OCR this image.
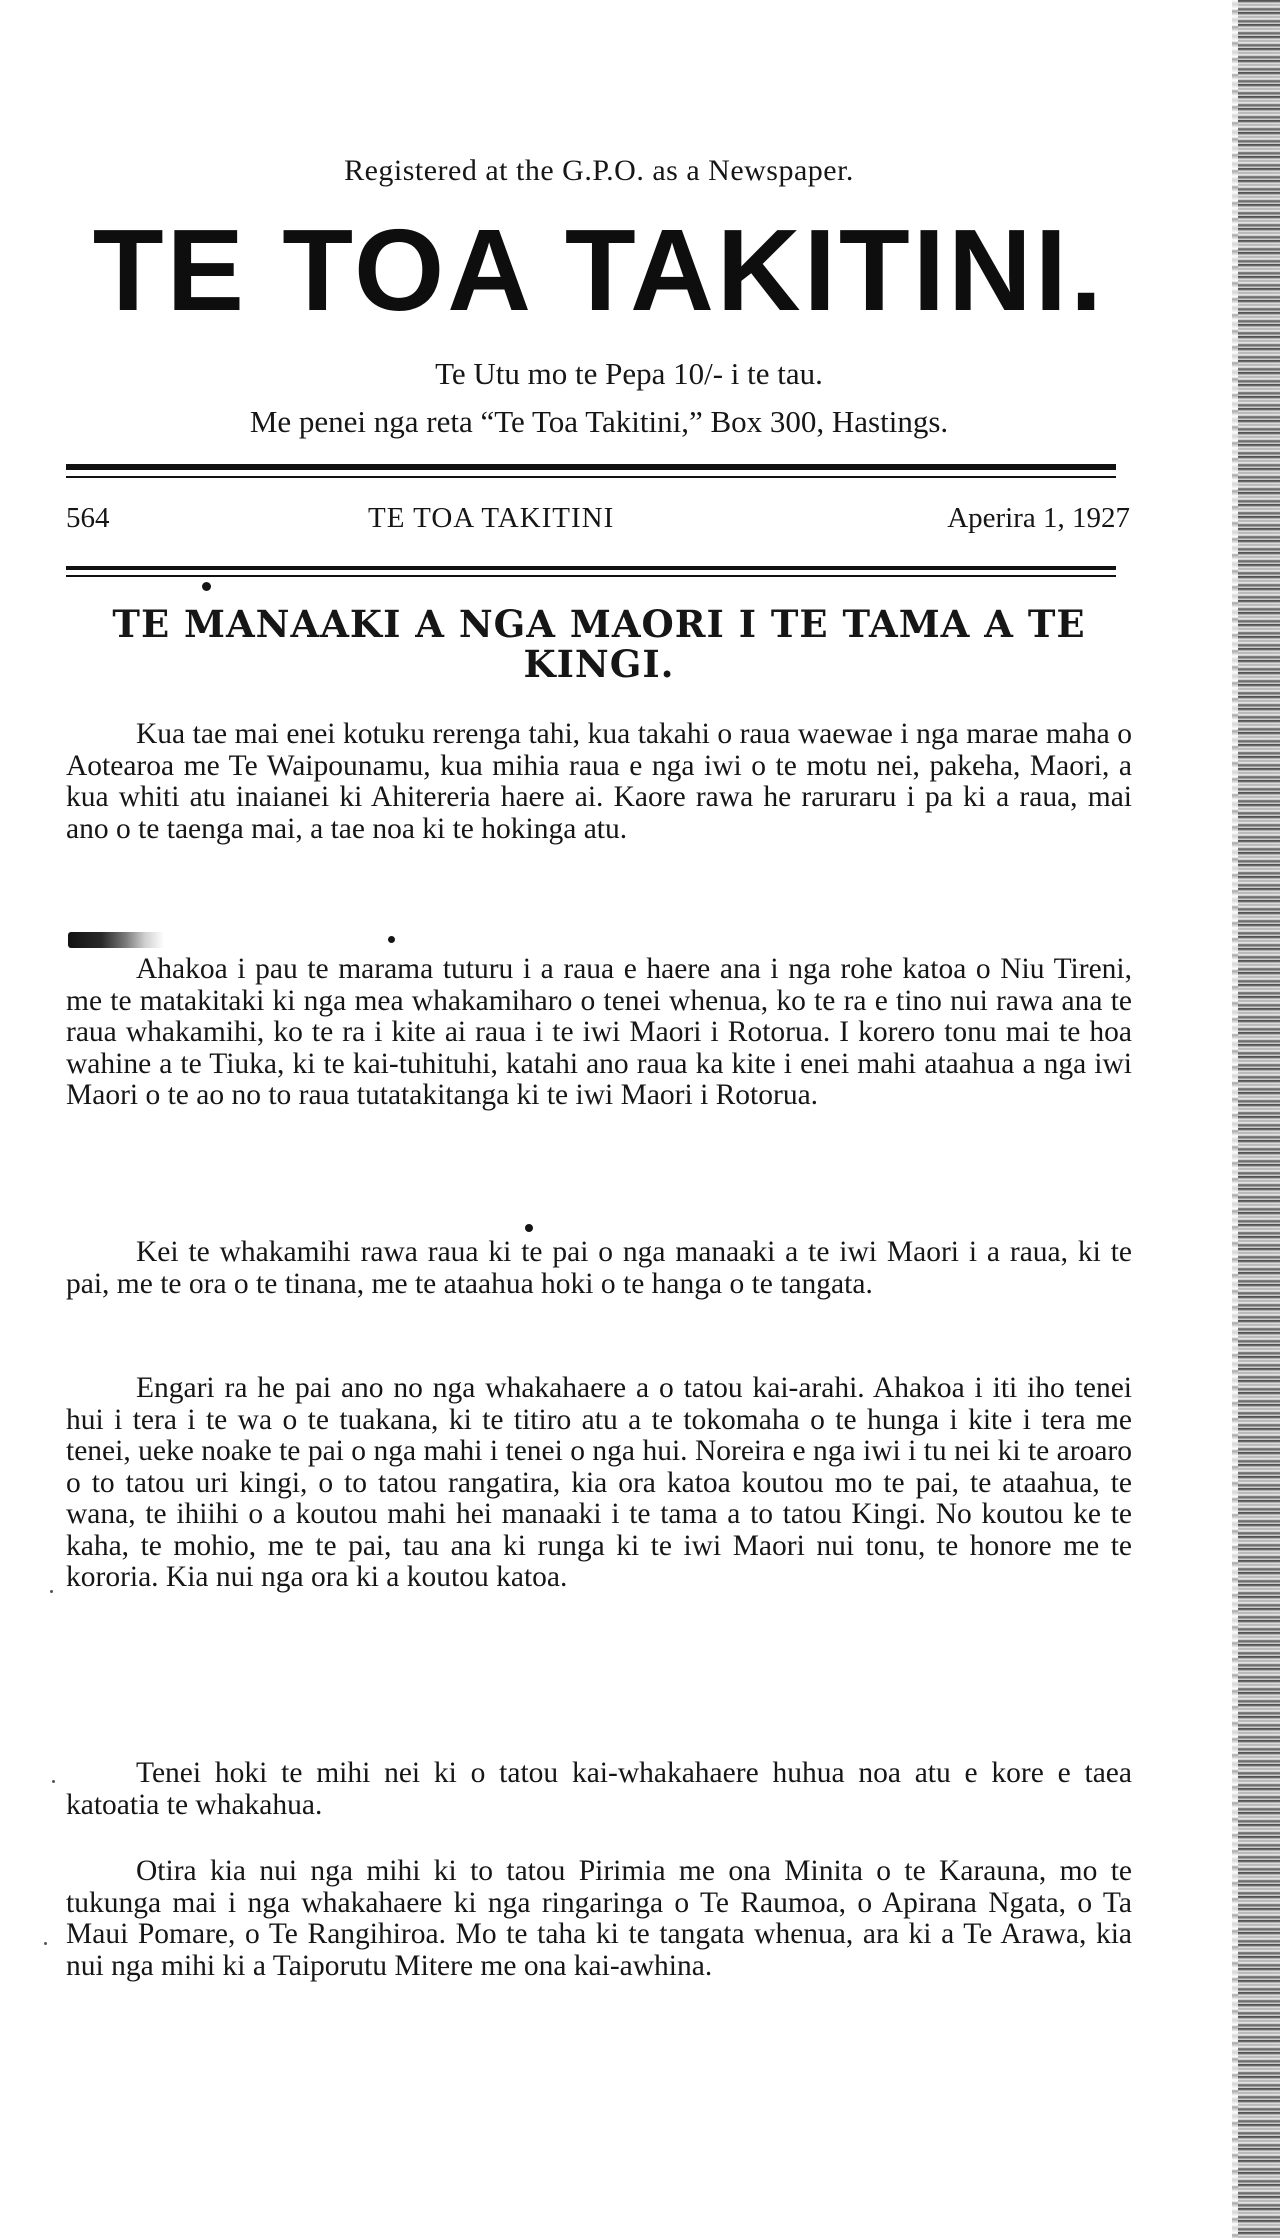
Registered at the G.P.O. as a Newspaper.
TE TOA TAKITINI.
Te Utu mo te Pepa 10/- i te tau.
Me penei nga reta “Te Toa Takitini,” Box 300, Hastings.
564	TE TOA TAKITINI	Aperira 1, 1927
TE MANAAKI A NGA MAORI I TE TAMA A TE KINGI.

Kua tae mai enei kotuku rerenga tahi, kua takahi o raua waewae i nga marae maha o Aotearoa me Te Waipounamu, kua mihia raua e nga iwi o te motu nei, pakeha, Maori, a kua whiti atu inaianei ki Ahitereria haere ai. Kaore rawa he raruraru i pa ki a raua, mai ano o te taenga mai, a tae noa ki te hokinga atu.

Ahakoa i pau te marama tuturu i a raua e haere ana i nga rohe katoa o Niu Tireni, me te matakitaki ki nga mea whakamiharo o tenei whenua, ko te ra e tino nui rawa ana te raua whakamihi, ko te ra i kite ai raua i te iwi Maori i Rotorua. I korero tonu mai te hoa wahine a te Tiuka, ki te kai-tuhituhi, katahi ano raua ka kite i enei mahi ataahua a nga iwi Maori o te ao no to raua tutatakitanga ki te iwi Maori i Rotorua.

Kei te whakamihi rawa raua ki te pai o nga manaaki a te iwi Maori i a raua, ki te pai, me te ora o te tinana, me te ataahua hoki o te hanga o te tangata.

Engari ra he pai ano no nga whakahaere a o tatou kai-arahi. Ahakoa i iti iho tenei hui i tera i te wa o te tuakana, ki te titiro atu a te tokomaha o te hunga i kite i tera me tenei, ueke noake te pai o nga mahi i tenei o nga hui. Noreira e nga iwi i tu nei ki te aroaro o to tatou uri kingi, o to tatou rangatira, kia ora katoa koutou mo te pai, te ataahua, te wana, te ihiihi o a koutou mahi hei manaaki i te tama a to tatou Kingi. No koutou ke te kaha, te mohio, me te pai, tau ana ki runga ki te iwi Maori nui tonu, te honore me te kororia. Kia nui nga ora ki a koutou katoa.

Tenei hoki te mihi nei ki o tatou kai-whakahaere huhua noa atu e kore e taea katoatia te whakahua.

Otira kia nui nga mihi ki to tatou Pirimia me ona Minita o te Karauna, mo te tukunga mai i nga whakahaere ki nga ringaringa o Te Raumoa, o Apirana Ngata, o Ta Maui Pomare, o Te Rangihiroa. Mo te taha ki te tangata whenua, ara ki a Te Arawa, kia nui nga mihi ki a Taiporutu Mitere me ona kai-awhina.
